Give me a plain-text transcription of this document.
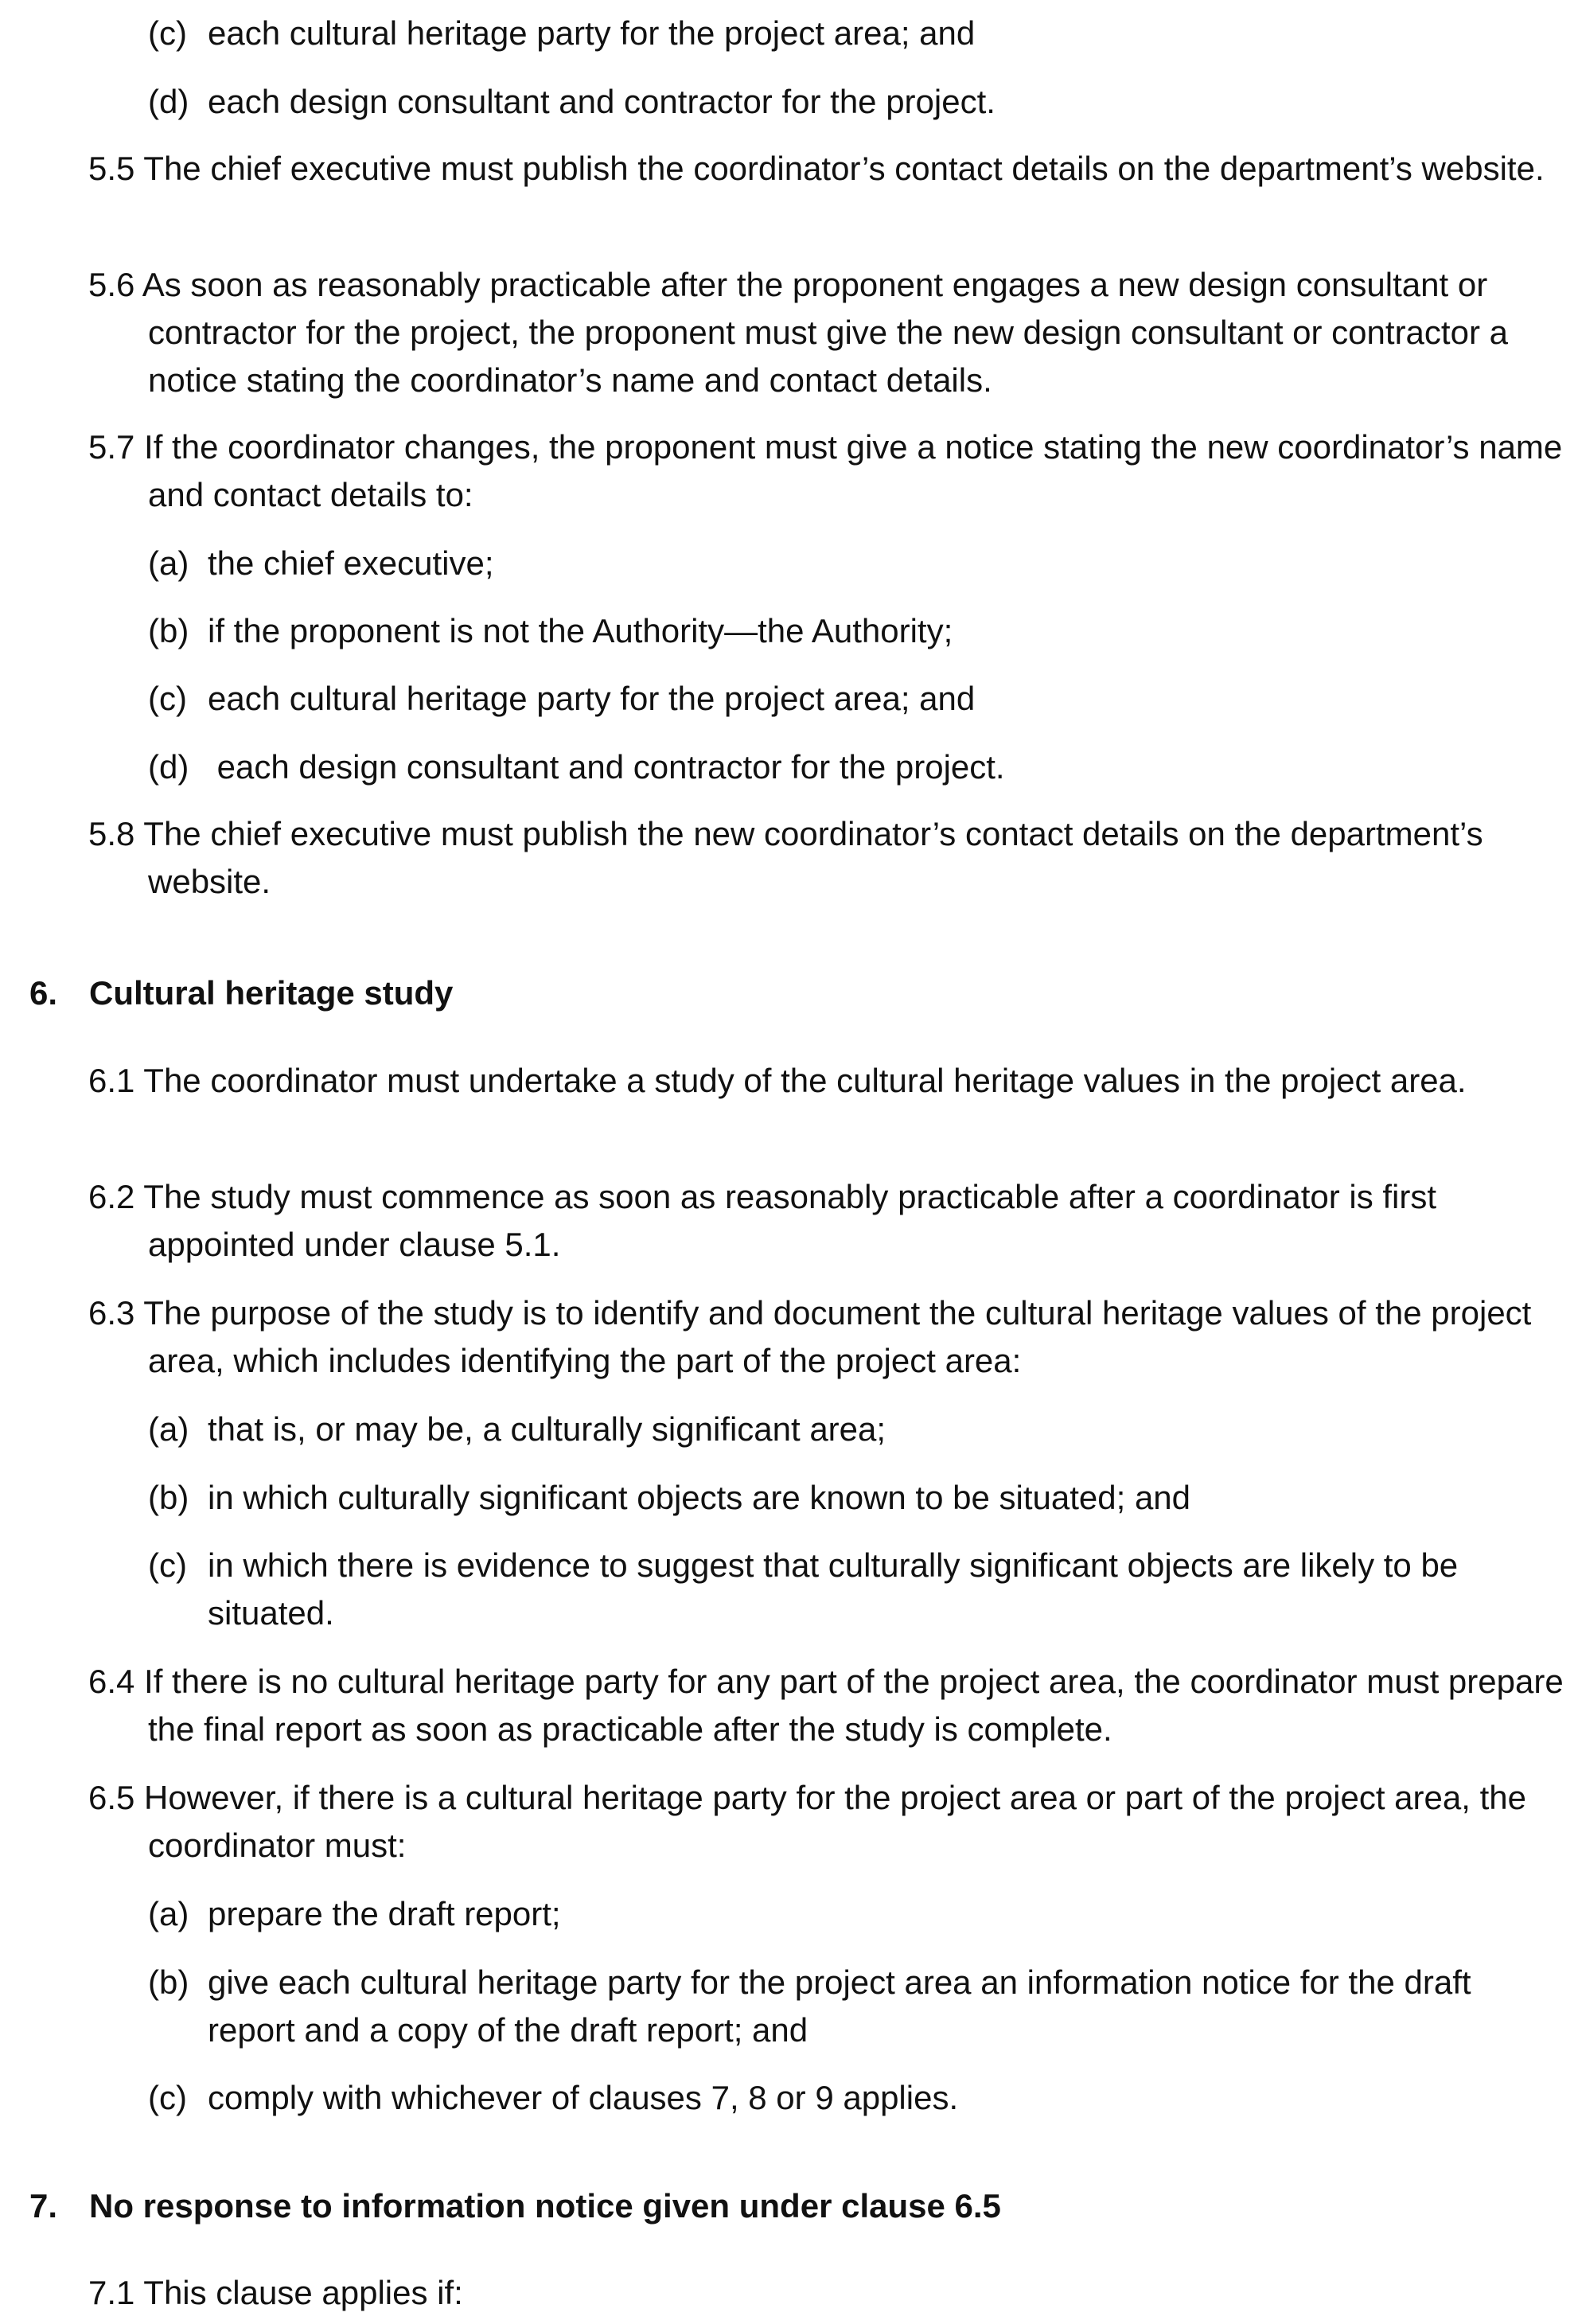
(c) each cultural heritage party for the project area; and
(d) each design consultant and contractor for the project.

5.5 The chief executive must publish the coordinator’s contact details on the department’s website.

5.6 As soon as reasonably practicable after the proponent engages a new design consultant or contractor for the project, the proponent must give the new design consultant or contractor a notice stating the coordinator’s name and contact details.

5.7 If the coordinator changes, the proponent must give a notice stating the new coordinator’s name and contact details to:

(a) the chief executive;
(b) if the proponent is not the Authority—the Authority;
(c) each cultural heritage party for the project area; and
(d) each design consultant and contractor for the project.

5.8 The chief executive must publish the new coordinator’s contact details on the department’s website.

6. Cultural heritage study

6.1 The coordinator must undertake a study of the cultural heritage values in the project area.

6.2 The study must commence as soon as reasonably practicable after a coordinator is first appointed under clause 5.1.

6.3 The purpose of the study is to identify and document the cultural heritage values of the project area, which includes identifying the part of the project area:

(a) that is, or may be, a culturally significant area;
(b) in which culturally significant objects are known to be situated; and
(c) in which there is evidence to suggest that culturally significant objects are likely to be situated.

6.4 If there is no cultural heritage party for any part of the project area, the coordinator must prepare the final report as soon as practicable after the study is complete.

6.5 However, if there is a cultural heritage party for the project area or part of the project area, the coordinator must:

(a) prepare the draft report;
(b) give each cultural heritage party for the project area an information notice for the draft report and a copy of the draft report; and
(c) comply with whichever of clauses 7, 8 or 9 applies.
7. No response to information notice given under clause 6.5

7.1 This clause applies if:
